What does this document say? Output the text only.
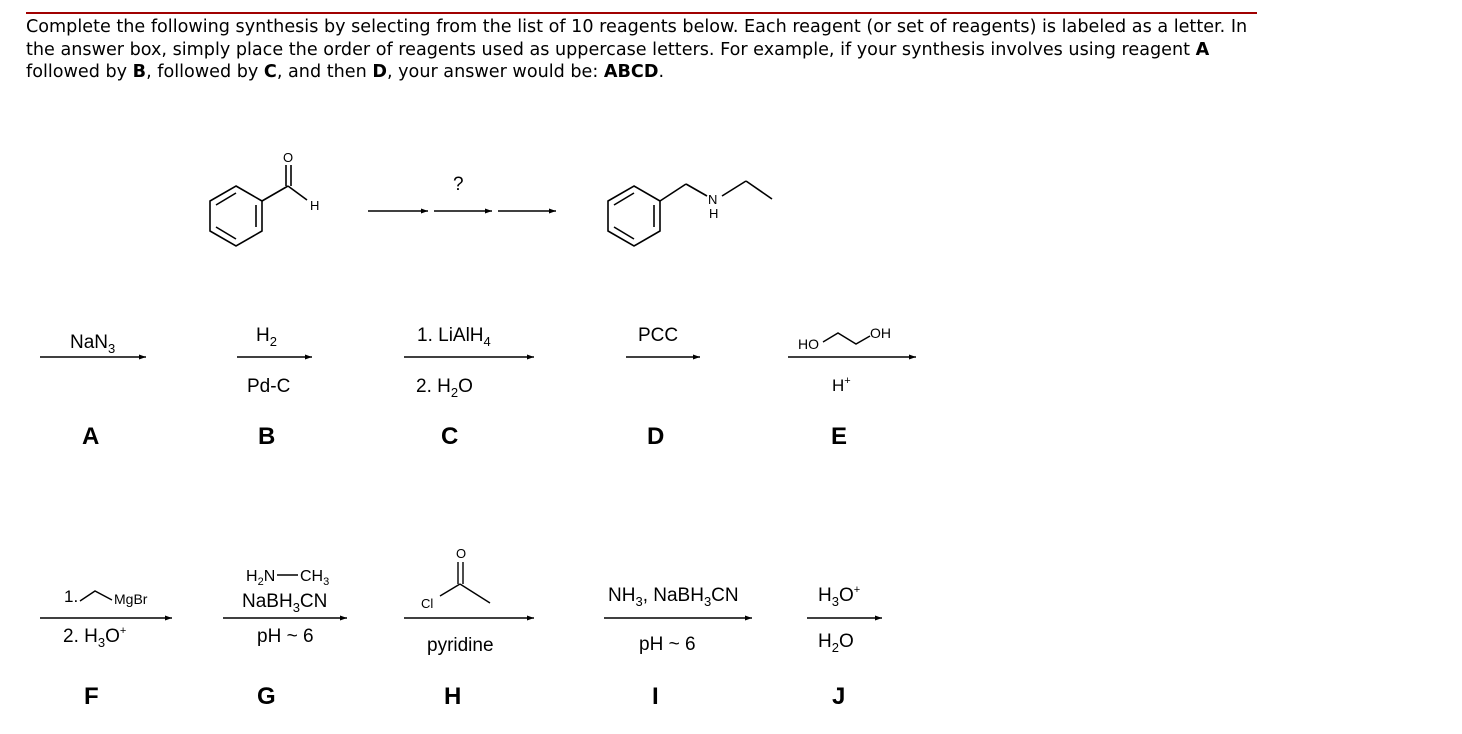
Complete the following synthesis by selecting from the list of 10 reagents below. Each reagent (or set of reagents) is labeled as a letter. In the answer box, simply place the order of reagents used as uppercase letters. For example, if your synthesis involves using reagent A followed by B, followed by C, and then D, your answer would be: ABCD.
O
H
?
N
H
NaN$_3$
A
$H_2$
Pd-C
B
1. LiAlH$_4$
2. $H_2O$
C
PCC
D
HO
OH
H+
E
1.	MgBr
2. $H_3O^+$
F
$H_2N$ $CH_3$
NaBH$_3$CN
pH ~ 6
G
O
Cl
pyridine
H
$NH_3$, NaBH$_3$CN
pH ~ 6
I
$H_3O^+$
$H_2O$
J
